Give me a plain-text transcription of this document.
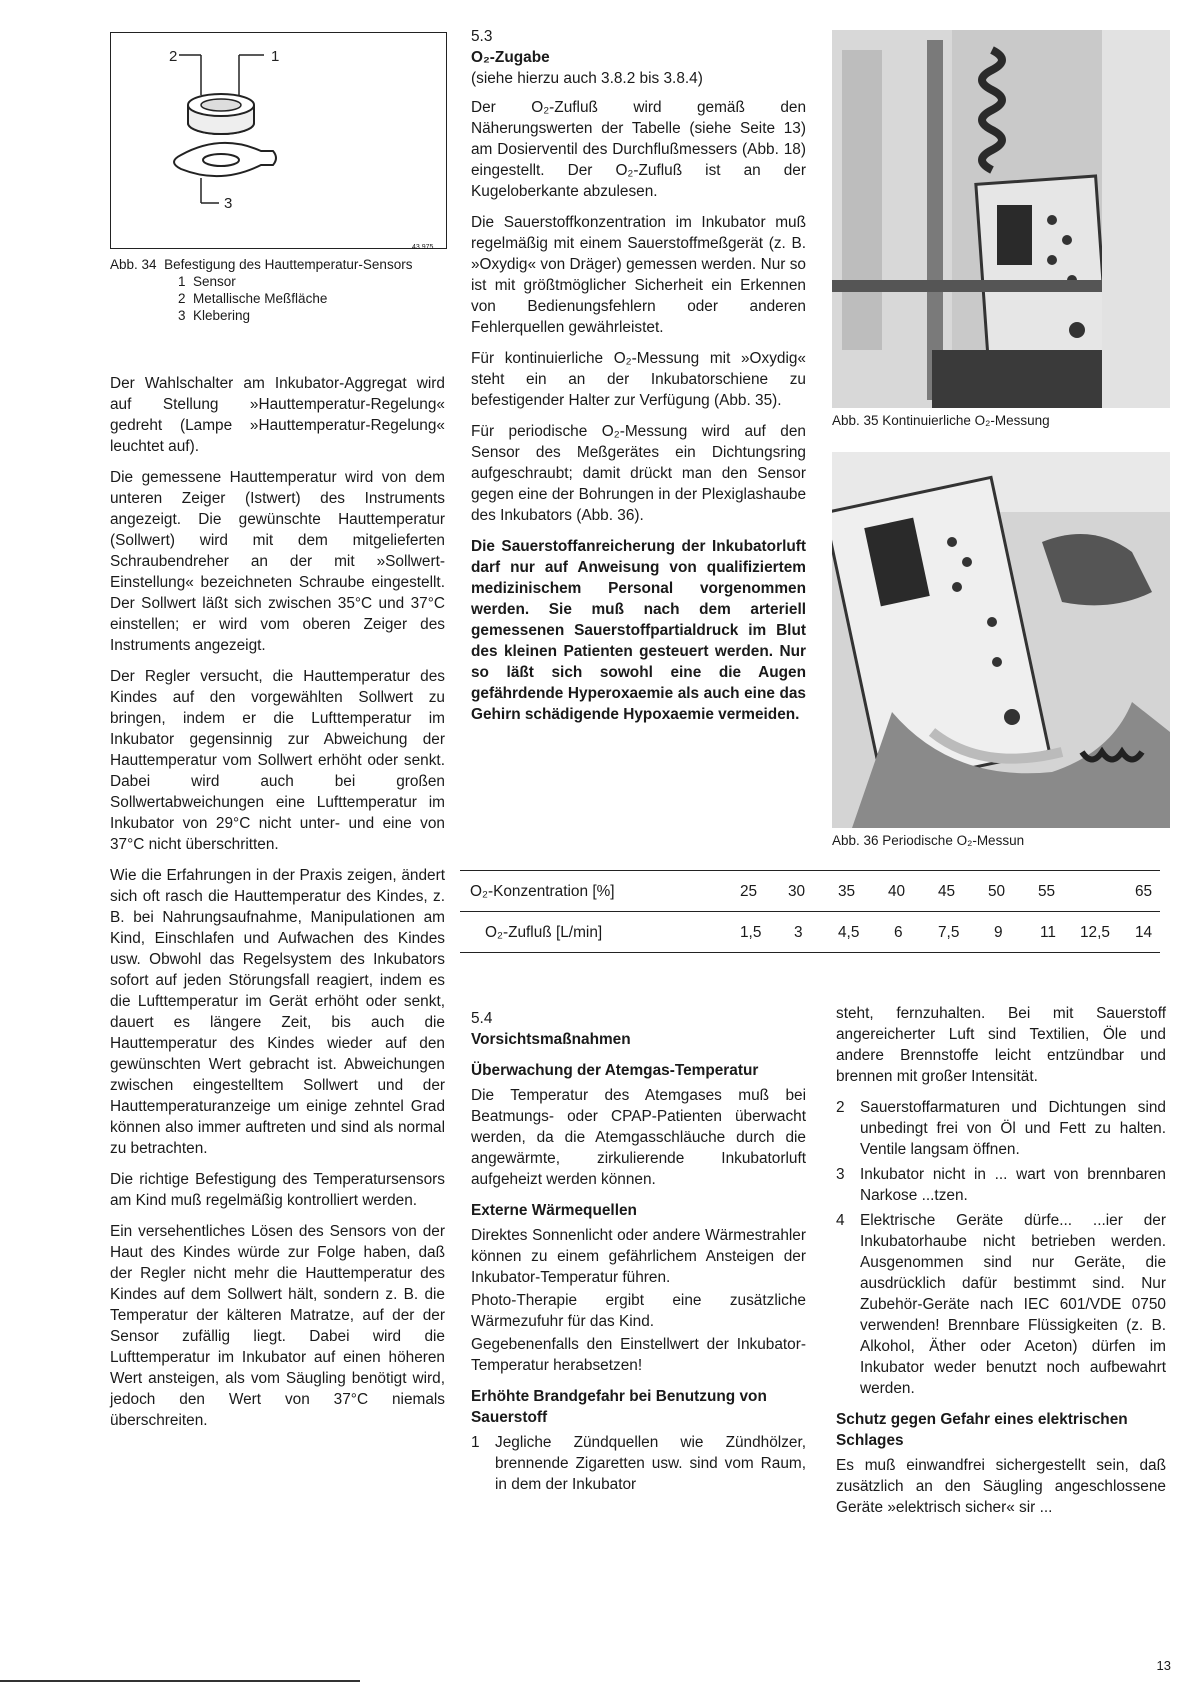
2	1
3
43 975
Abb. 34 Befestigung des Hauttemperatur-Sensors
1 Sensor
2 Metallische Meßfläche
3 Klebering

Der Wahlschalter am Inkubator-Aggregat wird auf Stellung »Hauttemperatur-Regelung« gedreht (Lampe »Hauttemperatur-Regelung« leuchtet auf).

Die gemessene Hauttemperatur wird von dem unteren Zeiger (Istwert) des Instruments angezeigt. Die gewünschte Hauttemperatur (Sollwert) wird mit dem mitgelieferten Schraubendreher an der mit »Sollwert-Einstellung« bezeichneten Schraube eingestellt. Der Sollwert läßt sich zwischen 35°C und 37°C einstellen; er wird vom oberen Zeiger des Instruments angezeigt.

Der Regler versucht, die Hauttemperatur des Kindes auf den vorgewählten Sollwert zu bringen, indem er die Lufttemperatur im Inkubator gegensinnig zur Abweichung der Hauttemperatur vom Sollwert erhöht oder senkt. Dabei wird auch bei großen Sollwertabweichungen eine Lufttemperatur im Inkubator von 29°C nicht unter- und eine von 37°C nicht überschritten.

Wie die Erfahrungen in der Praxis zeigen, ändert sich oft rasch die Hauttemperatur des Kindes, z. B. bei Nahrungsaufnahme, Manipulationen am Kind, Einschlafen und Aufwachen des Kindes usw. Obwohl das Regelsystem des Inkubators sofort auf jeden Störungsfall reagiert, indem es die Lufttemperatur im Gerät erhöht oder senkt, dauert es längere Zeit, bis auch die Hauttemperatur des Kindes wieder auf den gewünschten Wert gebracht ist. Abweichungen zwischen eingestelltem Sollwert und der Hauttemperaturanzeige um einige zehntel Grad können also immer auftreten und sind als normal zu betrachten.

Die richtige Befestigung des Temperatursensors am Kind muß regelmäßig kontrolliert werden.

Ein versehentliches Lösen des Sensors von der Haut des Kindes würde zur Folge haben, daß der Regler nicht mehr die Hauttemperatur des Kindes auf dem Sollwert hält, sondern z. B. die Temperatur der kälteren Matratze, auf der der Sensor zufällig liegt. Dabei wird die Lufttemperatur im Inkubator auf einen höheren Wert ansteigen, als vom Säugling benötigt wird, jedoch den Wert von 37°C niemals überschreiten.

5.3
O₂-Zugabe

(siehe hierzu auch 3.8.2 bis 3.8.4)

Der O₂-Zufluß wird gemäß den Näherungswerten der Tabelle (siehe Seite 13) am Dosierventil des Durchflußmessers (Abb. 18) eingestellt. Der O₂-Zufluß ist an der Kugeloberkante abzulesen.

Die Sauerstoffkonzentration im Inkubator muß regelmäßig mit einem Sauerstoffmeßgerät (z. B. »Oxydig« von Dräger) gemessen werden. Nur so ist mit größtmöglicher Sicherheit ein Erkennen von Bedienungsfehlern oder anderen Fehlerquellen gewährleistet.

Für kontinuierliche O₂-Messung mit »Oxydig« steht ein an der Inkubatorschiene zu befestigender Halter zur Verfügung (Abb. 35).

Für periodische O₂-Messung wird auf den Sensor des Meßgerätes ein Dichtungsring aufgeschraubt; damit drückt man den Sensor gegen eine der Bohrungen in der Plexiglashaube des Inkubators (Abb. 36).

Die Sauerstoffanreicherung der Inkubatorluft darf nur auf Anweisung von qualifiziertem medizinischem Personal vorgenommen werden. Sie muß nach dem arteriell gemessenen Sauerstoffpartialdruck im Blut des kleinen Patienten gesteuert werden. Nur so läßt sich sowohl eine die Augen gefährdende Hyperoxaemie als auch eine das Gehirn schädigende Hypoxaemie vermeiden.

Abb. 35 Kontinuierliche O₂-Messung
Abb. 36 Periodische O₂-Messun
O₂-Konzentration [%]	25 30 35 40 45 50 55	65
O₂-Zufluß [L/min]	1,5 3 4,5 6 7,5 9 11 12,5 14
5.4
Vorsichtsmaßnahmen
Überwachung der Atemgas-Temperatur

Die Temperatur des Atemgases muß bei Beatmungs- oder CPAP-Patienten überwacht werden, da die Atemgasschläuche durch die angewärmte, zirkulierende Inkubatorluft aufgeheizt werden können.

Externe Wärmequellen

Direktes Sonnenlicht oder andere Wärmestrahler können zu einem gefährlichem Ansteigen der Inkubator-Temperatur führen.

Photo-Therapie ergibt eine zusätzliche Wärmezufuhr für das Kind.

Gegebenenfalls den Einstellwert der Inkubator-Temperatur herabsetzen!

Erhöhte Brandgefahr bei Benutzung von Sauerstoff
1 Jegliche Zündquellen wie Zündhölzer, brennende Zigaretten usw. sind vom Raum, in dem der Inkubator

steht, fernzuhalten. Bei mit Sauerstoff angereicherter Luft sind Textilien, Öle und andere Brennstoffe leicht entzündbar und brennen mit großer Intensität.

2 Sauerstoffarmaturen und Dichtungen sind unbedingt frei von Öl und Fett zu halten. Ventile langsam öffnen.
3 Inkubator nicht in ... wart von brennbaren Narkose ...tzen.
4 Elektrische Geräte dürfe... ...ier der Inkubatorhaube nicht betrieben werden. Ausgenommen sind nur Geräte, die ausdrücklich dafür bestimmt sind. Nur Zubehör-Geräte nach IEC 601/VDE 0750 verwenden! Brennbare Flüssigkeiten (z. B. Alkohol, Äther oder Aceton) dürfen im Inkubator weder benutzt noch aufbewahrt werden.
Schutz gegen Gefahr eines elektrischen Schlages

Es muß einwandfrei sichergestellt sein, daß zusätzlich an den Säugling angeschlossene Geräte »elektrisch sicher« sir ...

13
